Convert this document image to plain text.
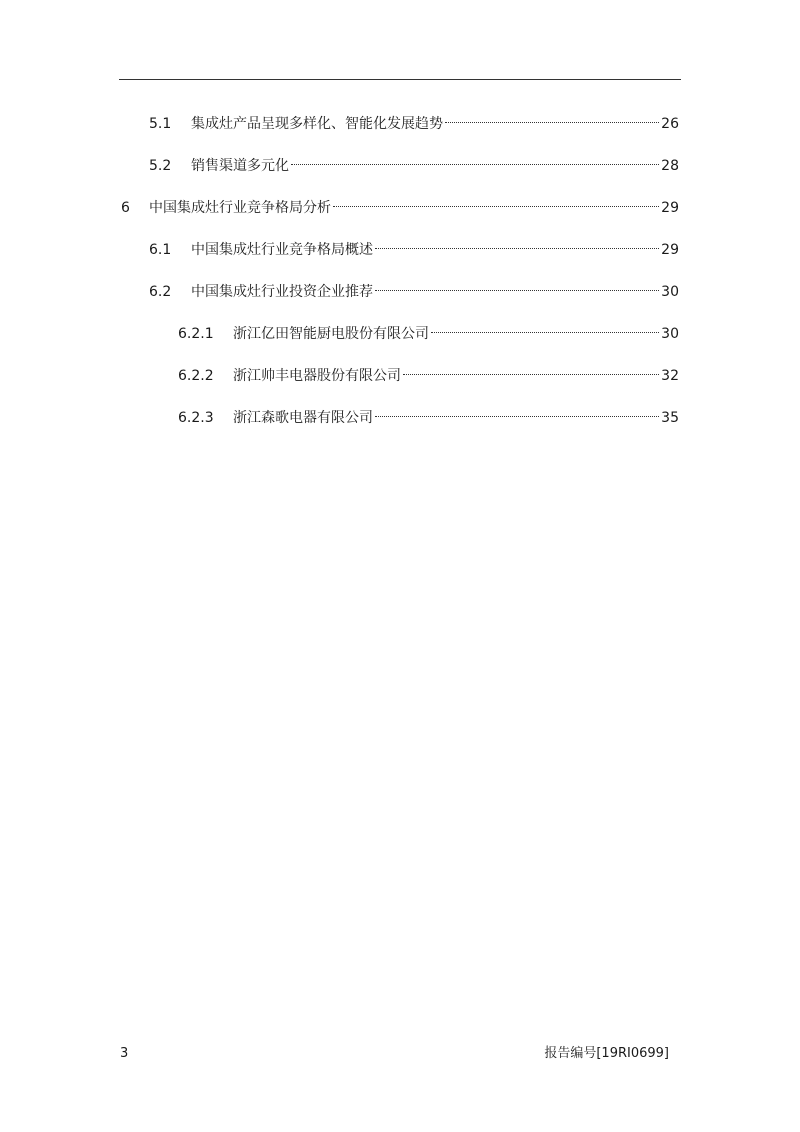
5.1	集成灶产品呈现多样化、智能化发展趋势	26
5.2	销售渠道多元化	28
6	中国集成灶行业竞争格局分析	29
6.1	中国集成灶行业竞争格局概述	29
6.2	中国集成灶行业投资企业推荐	30
6.2.1	浙江亿田智能厨电股份有限公司	30
6.2.2	浙江帅丰电器股份有限公司	32
6.2.3	浙江森歌电器有限公司	35
3	报告编号[19RI0699]
